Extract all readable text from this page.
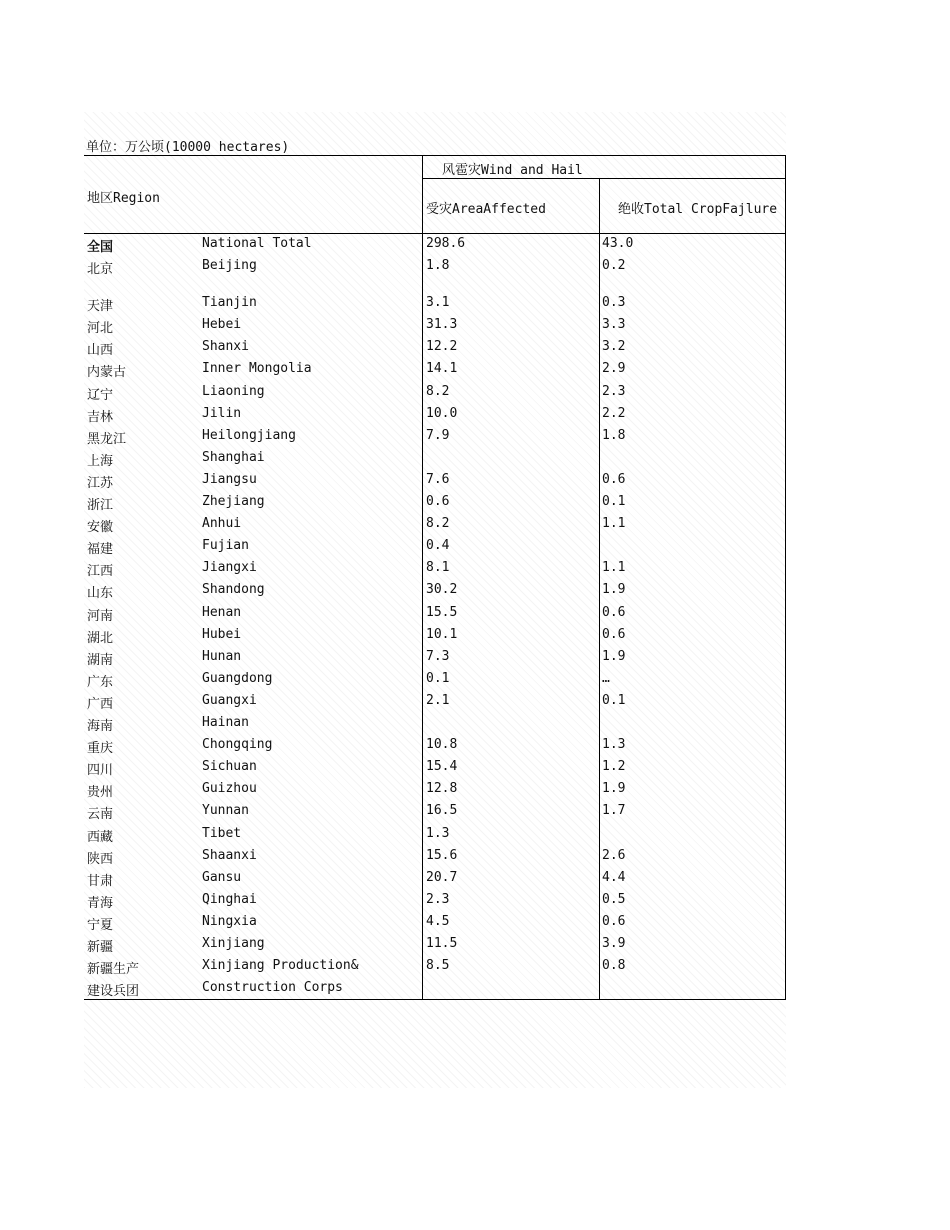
单位：万公顷(10000 hectares)
地区Region
风雹灾Wind and Hail
受灾AreaAffected	绝收Total CropFajlure
全国	National Total	298.6	43.0
北京	Beijing	1.8	0.2
天津	Tianjin	3.1	0.3
河北	Hebei	31.3	3.3
山西	Shanxi	12.2	3.2
内蒙古	Inner Mongolia	14.1	2.9
辽宁	Liaoning	8.2	2.3
吉林	Jilin	10.0	2.2
黑龙江	Heilongjiang	7.9	1.8
上海	Shanghai
江苏	Jiangsu	7.6	0.6
浙江	Zhejiang	0.6	0.1
安徽	Anhui	8.2	1.1
福建	Fujian	0.4
江西	Jiangxi	8.1	1.1
山东	Shandong	30.2	1.9
河南	Henan	15.5	0.6
湖北	Hubei	10.1	0.6
湖南	Hunan	7.3	1.9
广东	Guangdong	0.1	…
广西	Guangxi	2.1	0.1
海南	Hainan
重庆	Chongqing	10.8	1.3
四川	Sichuan	15.4	1.2
贵州	Guizhou	12.8	1.9
云南	Yunnan	16.5	1.7
西藏	Tibet	1.3
陕西	Shaanxi	15.6	2.6
甘肃	Gansu	20.7	4.4
青海	Qinghai	2.3	0.5
宁夏	Ningxia	4.5	0.6
新疆	Xinjiang	11.5	3.9
新疆生产	Xinjiang Production&	8.5	0.8
建设兵团	Construction Corps
